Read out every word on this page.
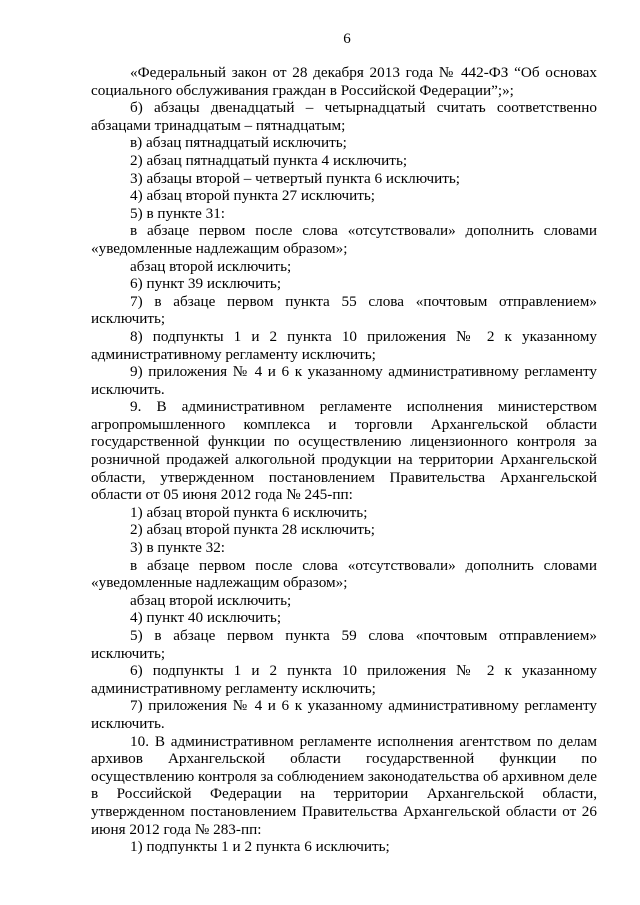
6

«Федеральный закон от 28 декабря 2013 года № 442-ФЗ “Об основах социального обслуживания граждан в Российской Федерации”;»;

б) абзацы двенадцатый – четырнадцатый считать соответственно абзацами тринадцатым – пятнадцатым;

в) абзац пятнадцатый исключить;

2) абзац пятнадцатый пункта 4 исключить;

3) абзацы второй – четвертый пункта 6 исключить;

4) абзац второй пункта 27 исключить;

5) в пункте 31:

в абзаце первом после слова «отсутствовали» дополнить словами «уведомленные надлежащим образом»;

абзац второй исключить;

6) пункт 39 исключить;

7) в абзаце первом пункта 55 слова «почтовым отправлением» исключить;

8) подпункты 1 и 2 пункта 10 приложения № 2 к указанному административному регламенту исключить;

9) приложения № 4 и 6 к указанному административному регламенту исключить.

9. В административном регламенте исполнения министерством агропромышленного комплекса и торговли Архангельской области государственной функции по осуществлению лицензионного контроля за розничной продажей алкогольной продукции на территории Архангельской области, утвержденном постановлением Правительства Архангельской области от 05 июня 2012 года № 245-пп:

1) абзац второй пункта 6 исключить;

2) абзац второй пункта 28 исключить;

3) в пункте 32:

в абзаце первом после слова «отсутствовали» дополнить словами «уведомленные надлежащим образом»;

абзац второй исключить;

4) пункт 40 исключить;

5) в абзаце первом пункта 59 слова «почтовым отправлением» исключить;

6) подпункты 1 и 2 пункта 10 приложения № 2 к указанному административному регламенту исключить;

7) приложения № 4 и 6 к указанному административному регламенту исключить.

10. В административном регламенте исполнения агентством по делам архивов Архангельской области государственной функции по осуществлению контроля за соблюдением законодательства об архивном деле в Российской Федерации на территории Архангельской области, утвержденном постановлением Правительства Архангельской области от 26 июня 2012 года № 283-пп:

1) подпункты 1 и 2 пункта 6 исключить;
